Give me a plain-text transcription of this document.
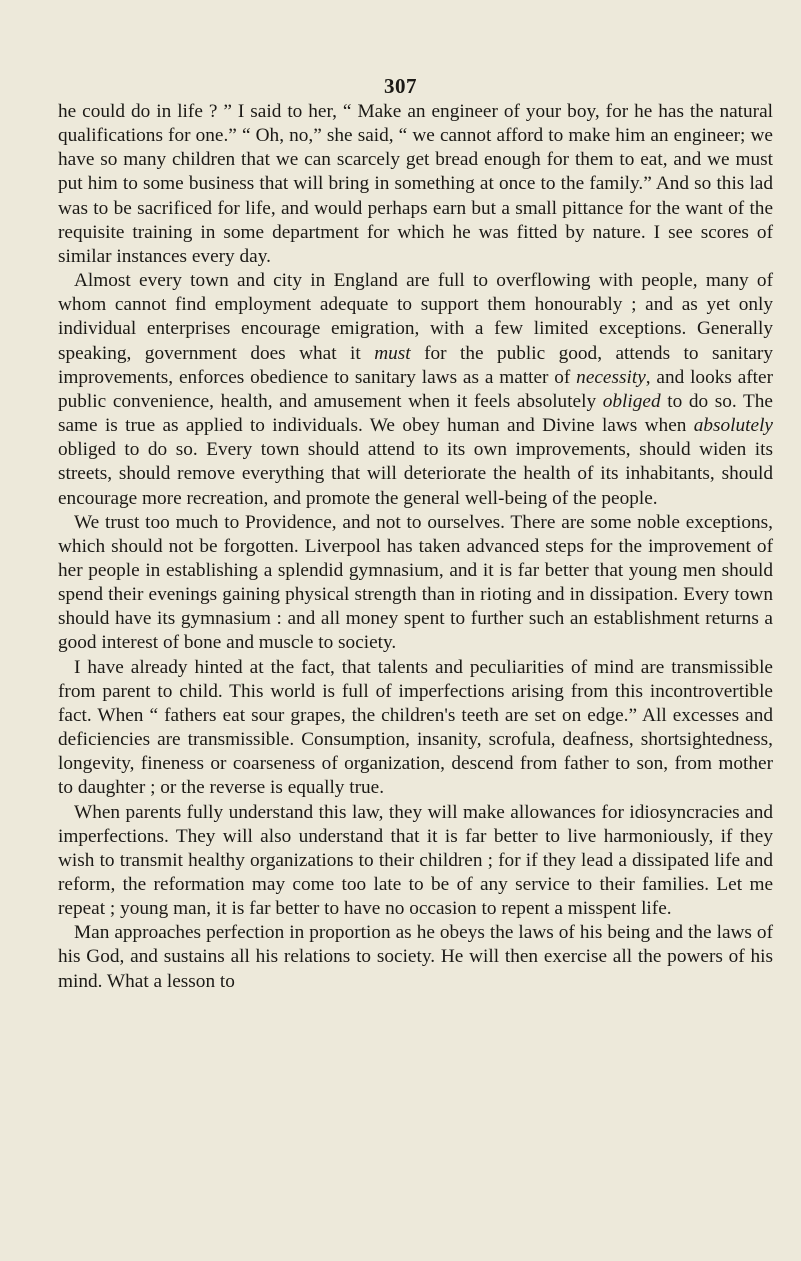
307

he could do in life ? ” I said to her, “ Make an engineer of your boy, for he has the natural qualifications for one.” “ Oh, no,” she said, “ we cannot afford to make him an engineer; we have so many children that we can scarcely get bread enough for them to eat, and we must put him to some business that will bring in something at once to the family.” And so this lad was to be sacrificed for life, and would perhaps earn but a small pittance for the want of the requisite training in some department for which he was fitted by nature. I see scores of similar instances every day.

Almost every town and city in England are full to overflowing with people, many of whom cannot find employment adequate to support them honourably ; and as yet only individual enterprises encourage emigration, with a few limited exceptions. Generally speaking, government does what it must for the public good, attends to sanitary improvements, enforces obedience to sanitary laws as a matter of necessity, and looks after public convenience, health, and amusement when it feels absolutely obliged to do so. The same is true as applied to individuals. We obey human and Divine laws when absolutely obliged to do so. Every town should attend to its own improvements, should widen its streets, should remove everything that will deteriorate the health of its inhabitants, should encourage more recreation, and promote the general well-being of the people.

We trust too much to Providence, and not to ourselves. There are some noble exceptions, which should not be forgotten. Liverpool has taken advanced steps for the improvement of her people in establishing a splendid gymnasium, and it is far better that young men should spend their evenings gaining physical strength than in rioting and in dissipation. Every town should have its gymnasium : and all money spent to further such an establishment returns a good interest of bone and muscle to society.

I have already hinted at the fact, that talents and peculiarities of mind are transmissible from parent to child. This world is full of imperfections arising from this incontrovertible fact. When “ fathers eat sour grapes, the children's teeth are set on edge.” All excesses and deficiencies are transmissible. Consumption, insanity, scrofula, deafness, shortsightedness, longevity, fineness or coarseness of organization, descend from father to son, from mother to daughter ; or the reverse is equally true.

When parents fully understand this law, they will make allowances for idiosyncracies and imperfections. They will also understand that it is far better to live harmoniously, if they wish to transmit healthy organizations to their children ; for if they lead a dissipated life and reform, the reformation may come too late to be of any service to their families. Let me repeat ; young man, it is far better to have no occasion to repent a misspent life.

Man approaches perfection in proportion as he obeys the laws of his being and the laws of his God, and sustains all his relations to society. He will then exercise all the powers of his mind. What a lesson to
